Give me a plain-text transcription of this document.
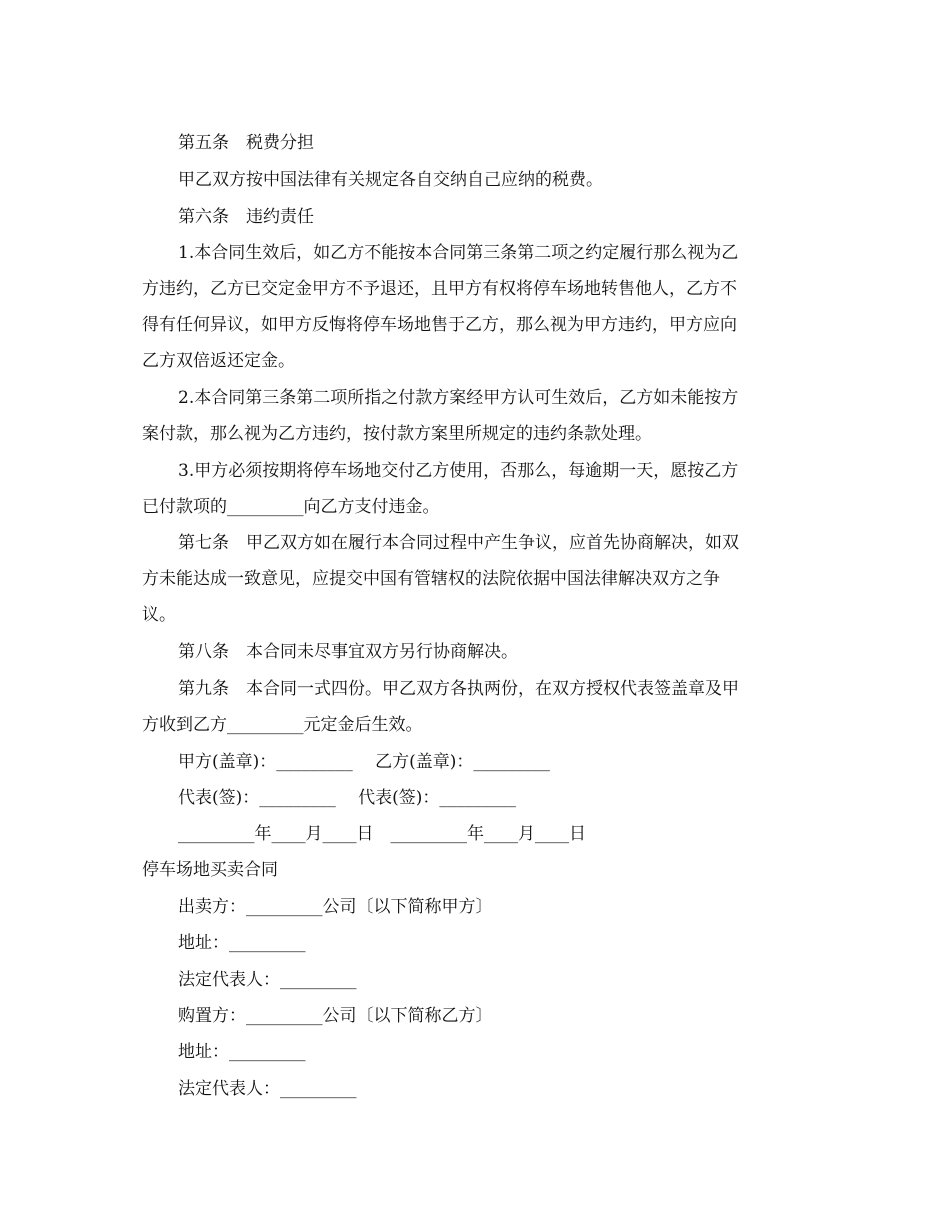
第五条　税费分担
甲乙双方按中国法律有关规定各自交纳自己应纳的税费。
第六条　违约责任
1.本合同生效后，如乙方不能按本合同第三条第二项之约定履行那么视为乙
方违约，乙方已交定金甲方不予退还，且甲方有权将停车场地转售他人，乙方不
得有任何异议，如甲方反悔将停车场地售于乙方，那么视为甲方违约，甲方应向
乙方双倍返还定金。
2.本合同第三条第二项所指之付款方案经甲方认可生效后，乙方如未能按方
案付款，那么视为乙方违约，按付款方案里所规定的违约条款处理。
3.甲方必须按期将停车场地交付乙方使用，否那么，每逾期一天，愿按乙方
已付款项的_________向乙方支付违金。
第七条　甲乙双方如在履行本合同过程中产生争议，应首先协商解决，如双
方未能达成一致意见，应提交中国有管辖权的法院依据中国法律解决双方之争
议。
第八条　本合同未尽事宜双方另行协商解决。
第九条　本合同一式四份。甲乙双方各执两份，在双方授权代表签盖章及甲
方收到乙方_________元定金后生效。
甲方(盖章)：_________　 乙方(盖章)：_________
代表(签)：_________　 代表(签)：_________
_________年____月____日　_________年____月____日
停车场地买卖合同
出卖方：_________公司〔以下简称甲方〕
地址：_________
法定代表人：_________
购置方：_________公司〔以下简称乙方〕
地址：_________
法定代表人：_________
